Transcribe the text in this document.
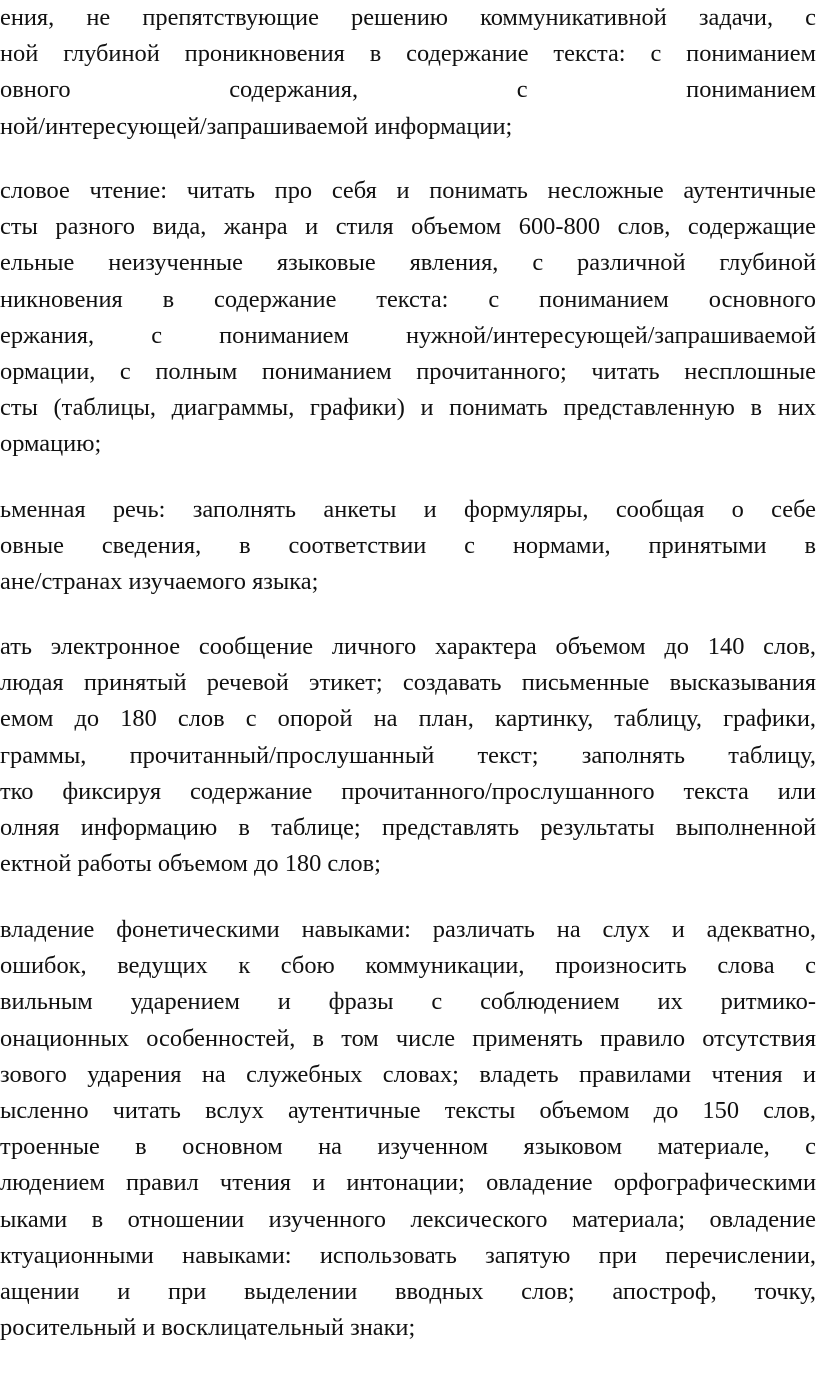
ения, не препятствующие решению коммуникативной задачи, с
ной глубиной проникновения в содержание текста: с пониманием
овного содержания, с пониманием
ной/интересующей/запрашиваемой информации;
словое чтение: читать про себя и понимать несложные аутентичные
сты разного вида, жанра и стиля объемом 600-800 слов, содержащие
ельные неизученные языковые явления, с различной глубиной
никновения в содержание текста: с пониманием основного
ержания, с пониманием нужной/интересующей/запрашиваемой
ормации, с полным пониманием прочитанного; читать несплошные
сты (таблицы, диаграммы, графики) и понимать представленную в них
ормацию;
ьменная речь: заполнять анкеты и формуляры, сообщая о себе
овные сведения, в соответствии с нормами, принятыми в
ане/странах изучаемого языка;
ать электронное сообщение личного характера объемом до 140 слов,
людая принятый речевой этикет; создавать письменные высказывания
емом до 180 слов с опорой на план, картинку, таблицу, графики,
граммы, прочитанный/прослушанный текст; заполнять таблицу,
тко фиксируя содержание прочитанного/прослушанного текста или
олняя информацию в таблице; представлять результаты выполненной
ектной работы объемом до 180 слов;
владение фонетическими навыками: различать на слух и адекватно,
ошибок, ведущих к сбою коммуникации, произносить слова с
вильным ударением и фразы с соблюдением их ритмико-
онационных особенностей, в том числе применять правило отсутствия
зового ударения на служебных словах; владеть правилами чтения и
ысленно читать вслух аутентичные тексты объемом до 150 слов,
троенные в основном на изученном языковом материале, с
людением правил чтения и интонации; овладение орфографическими
ыками в отношении изученного лексического материала; овладение
ктуационными навыками: использовать запятую при перечислении,
ащении и при выделении вводных слов; апостроф, точку,
росительный и восклицательный знаки;
